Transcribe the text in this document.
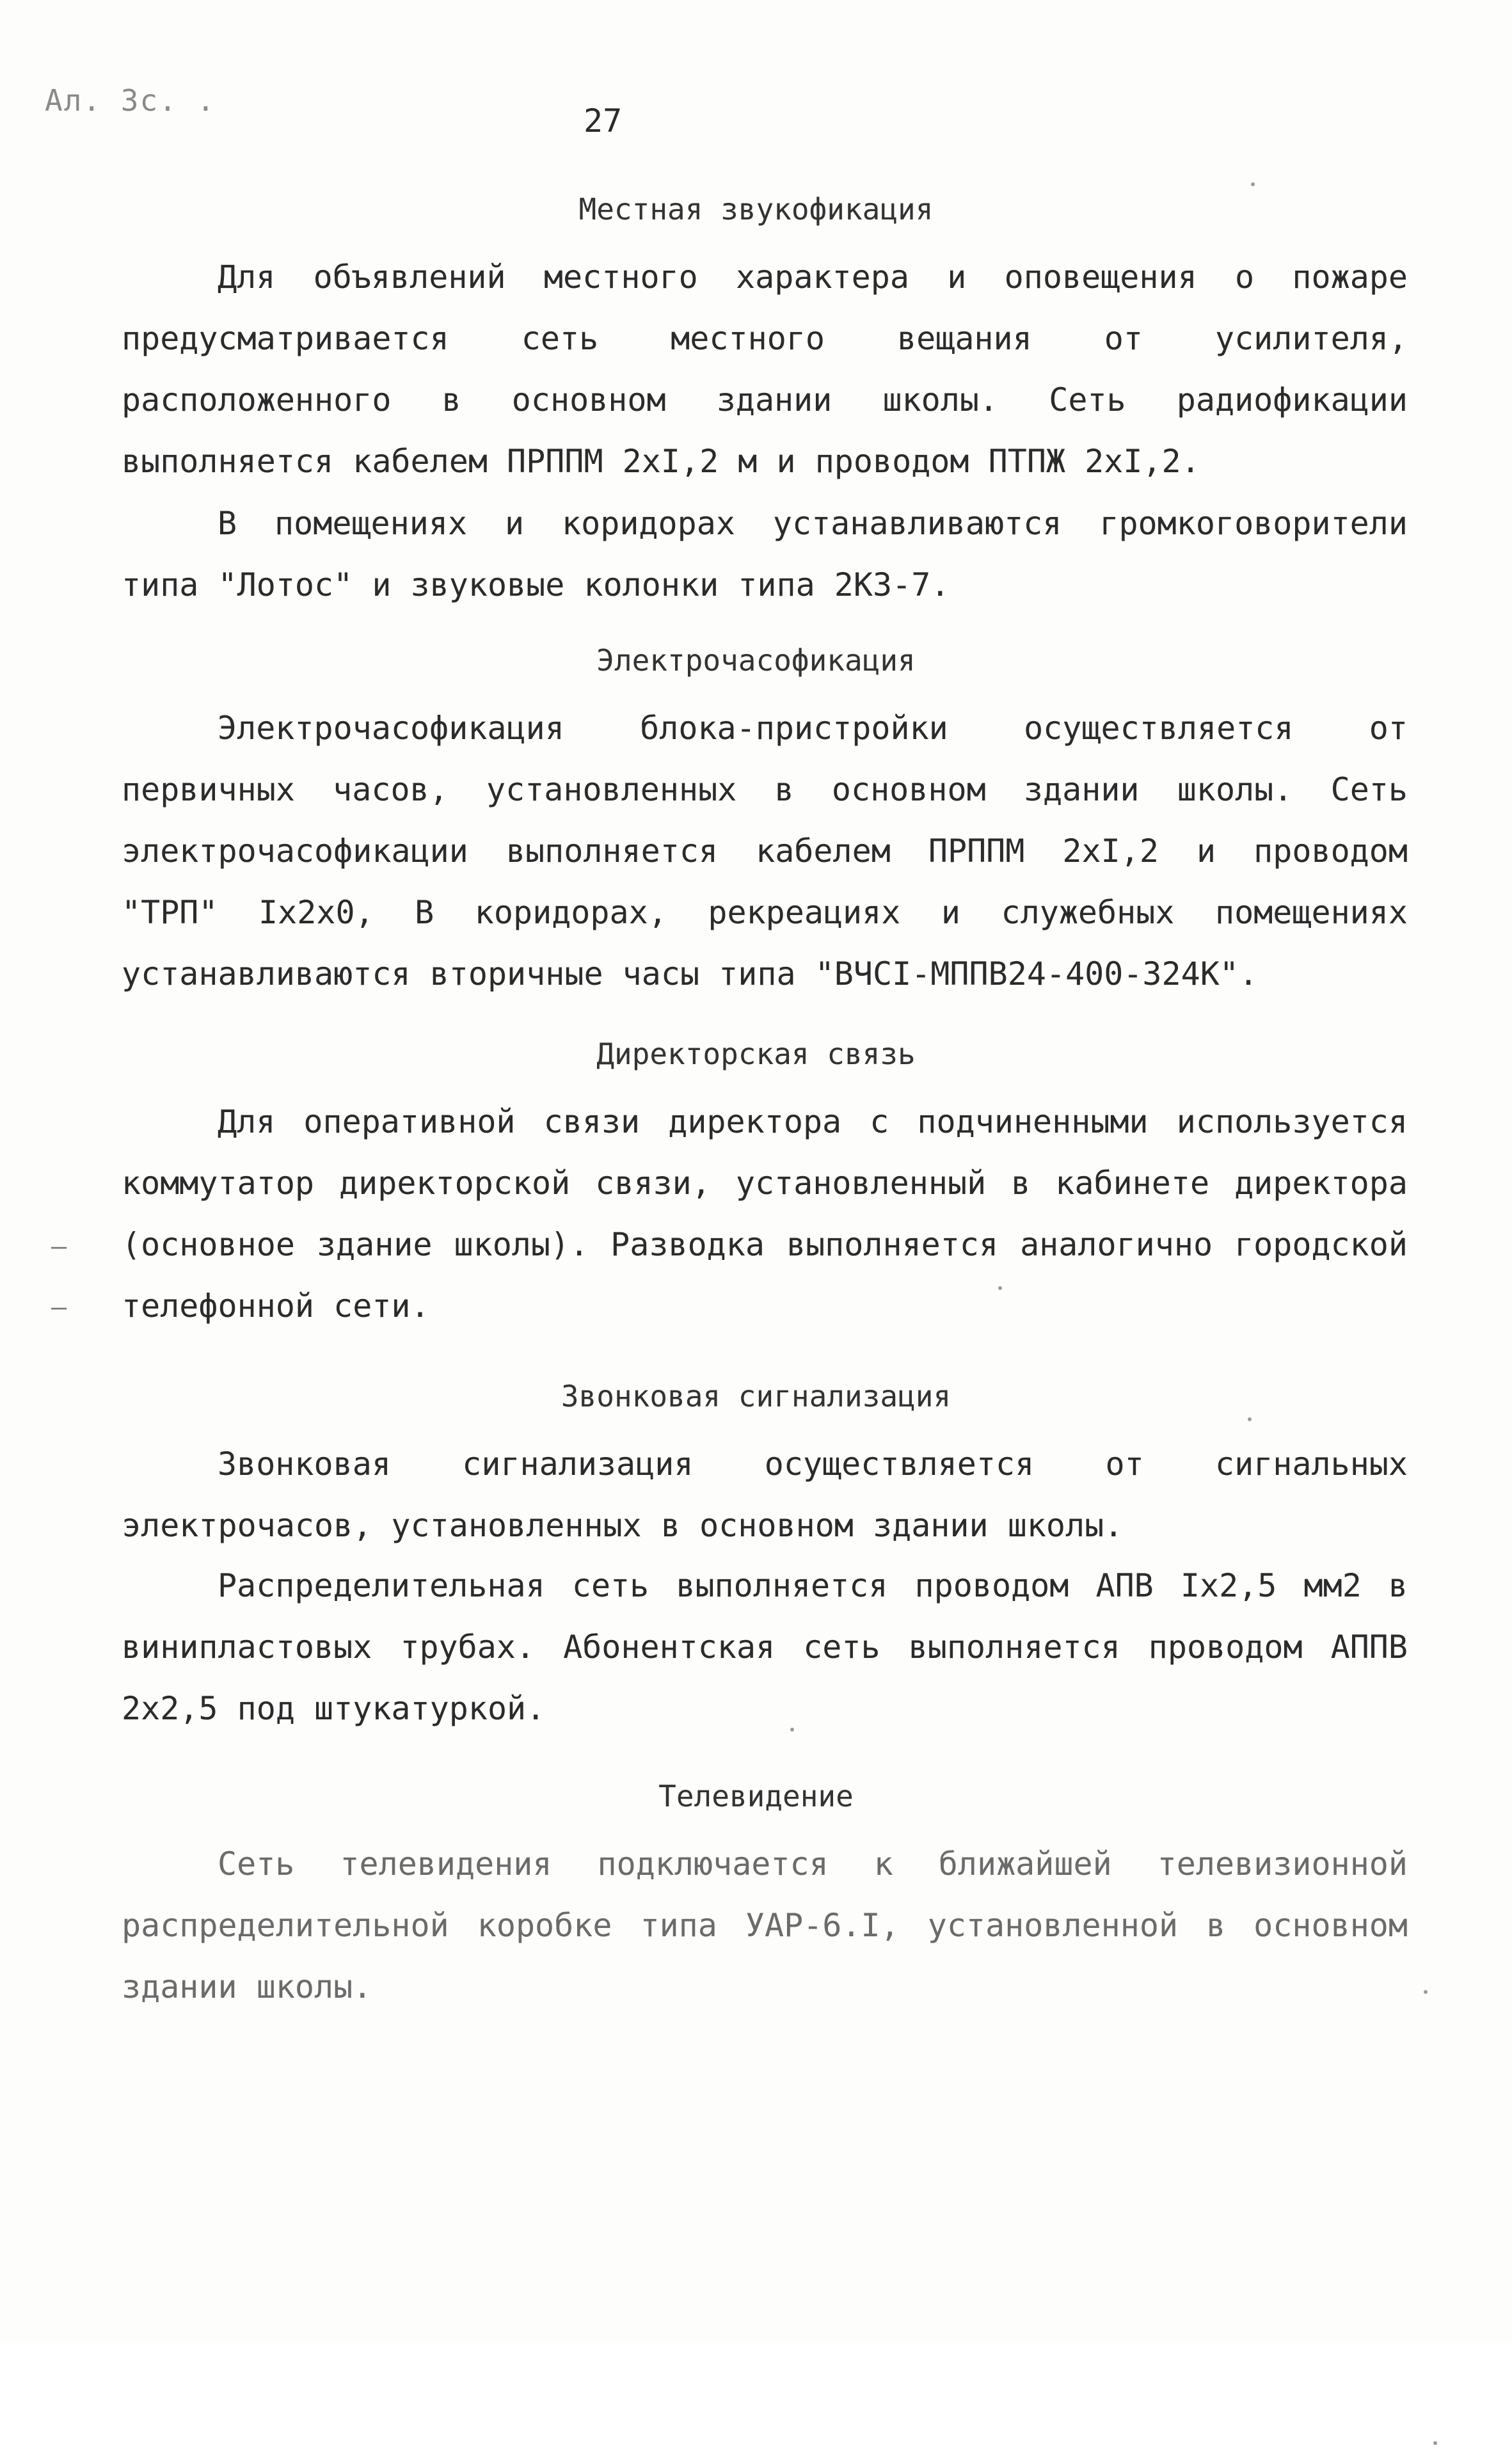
Ал. Зс. .
27
Местная звукофикация
Для объявлений местного характера и оповещения о пожаре предусматривается сеть местного вещания от усилителя, расположенного в основном здании школы. Сеть радиофикации выполняется кабелем ПРППМ 2хI,2 м и проводом ПТПЖ 2хI,2.
В помещениях и коридорах устанавливаются громкоговорители типа "Лотос" и звуковые колонки типа 2КЗ-7.
Электрочасофикация
Электрочасофикация блока-пристройки осуществляется от первичных часов, установленных в основном здании школы. Сеть электрочасофикации выполняется кабелем ПРППМ 2хI,2 и проводом "ТРП" Iх2х0, В коридорах, рекреациях и служебных помещениях устанавливаются вторичные часы типа "ВЧСI-МППВ24-400-324К".
Директорская связь
Для оперативной связи директора с подчиненными используется коммутатор директорской связи, установленный в кабинете директора (основное здание школы). Разводка выполняется аналогично городской телефонной сети.
Звонковая сигнализация
Звонковая сигнализация осуществляется от сигнальных электрочасов, установленных в основном здании школы.
Распределительная сеть выполняется проводом АПВ Iх2,5 мм2 в винипластовых трубах. Абонентская сеть выполняется проводом АППВ 2х2,5 под штукатуркой.
Телевидение
Сеть телевидения подключается к ближайшей телевизионной распределительной коробке типа УАР-6.I, установленной в основном здании школы.
–
–
